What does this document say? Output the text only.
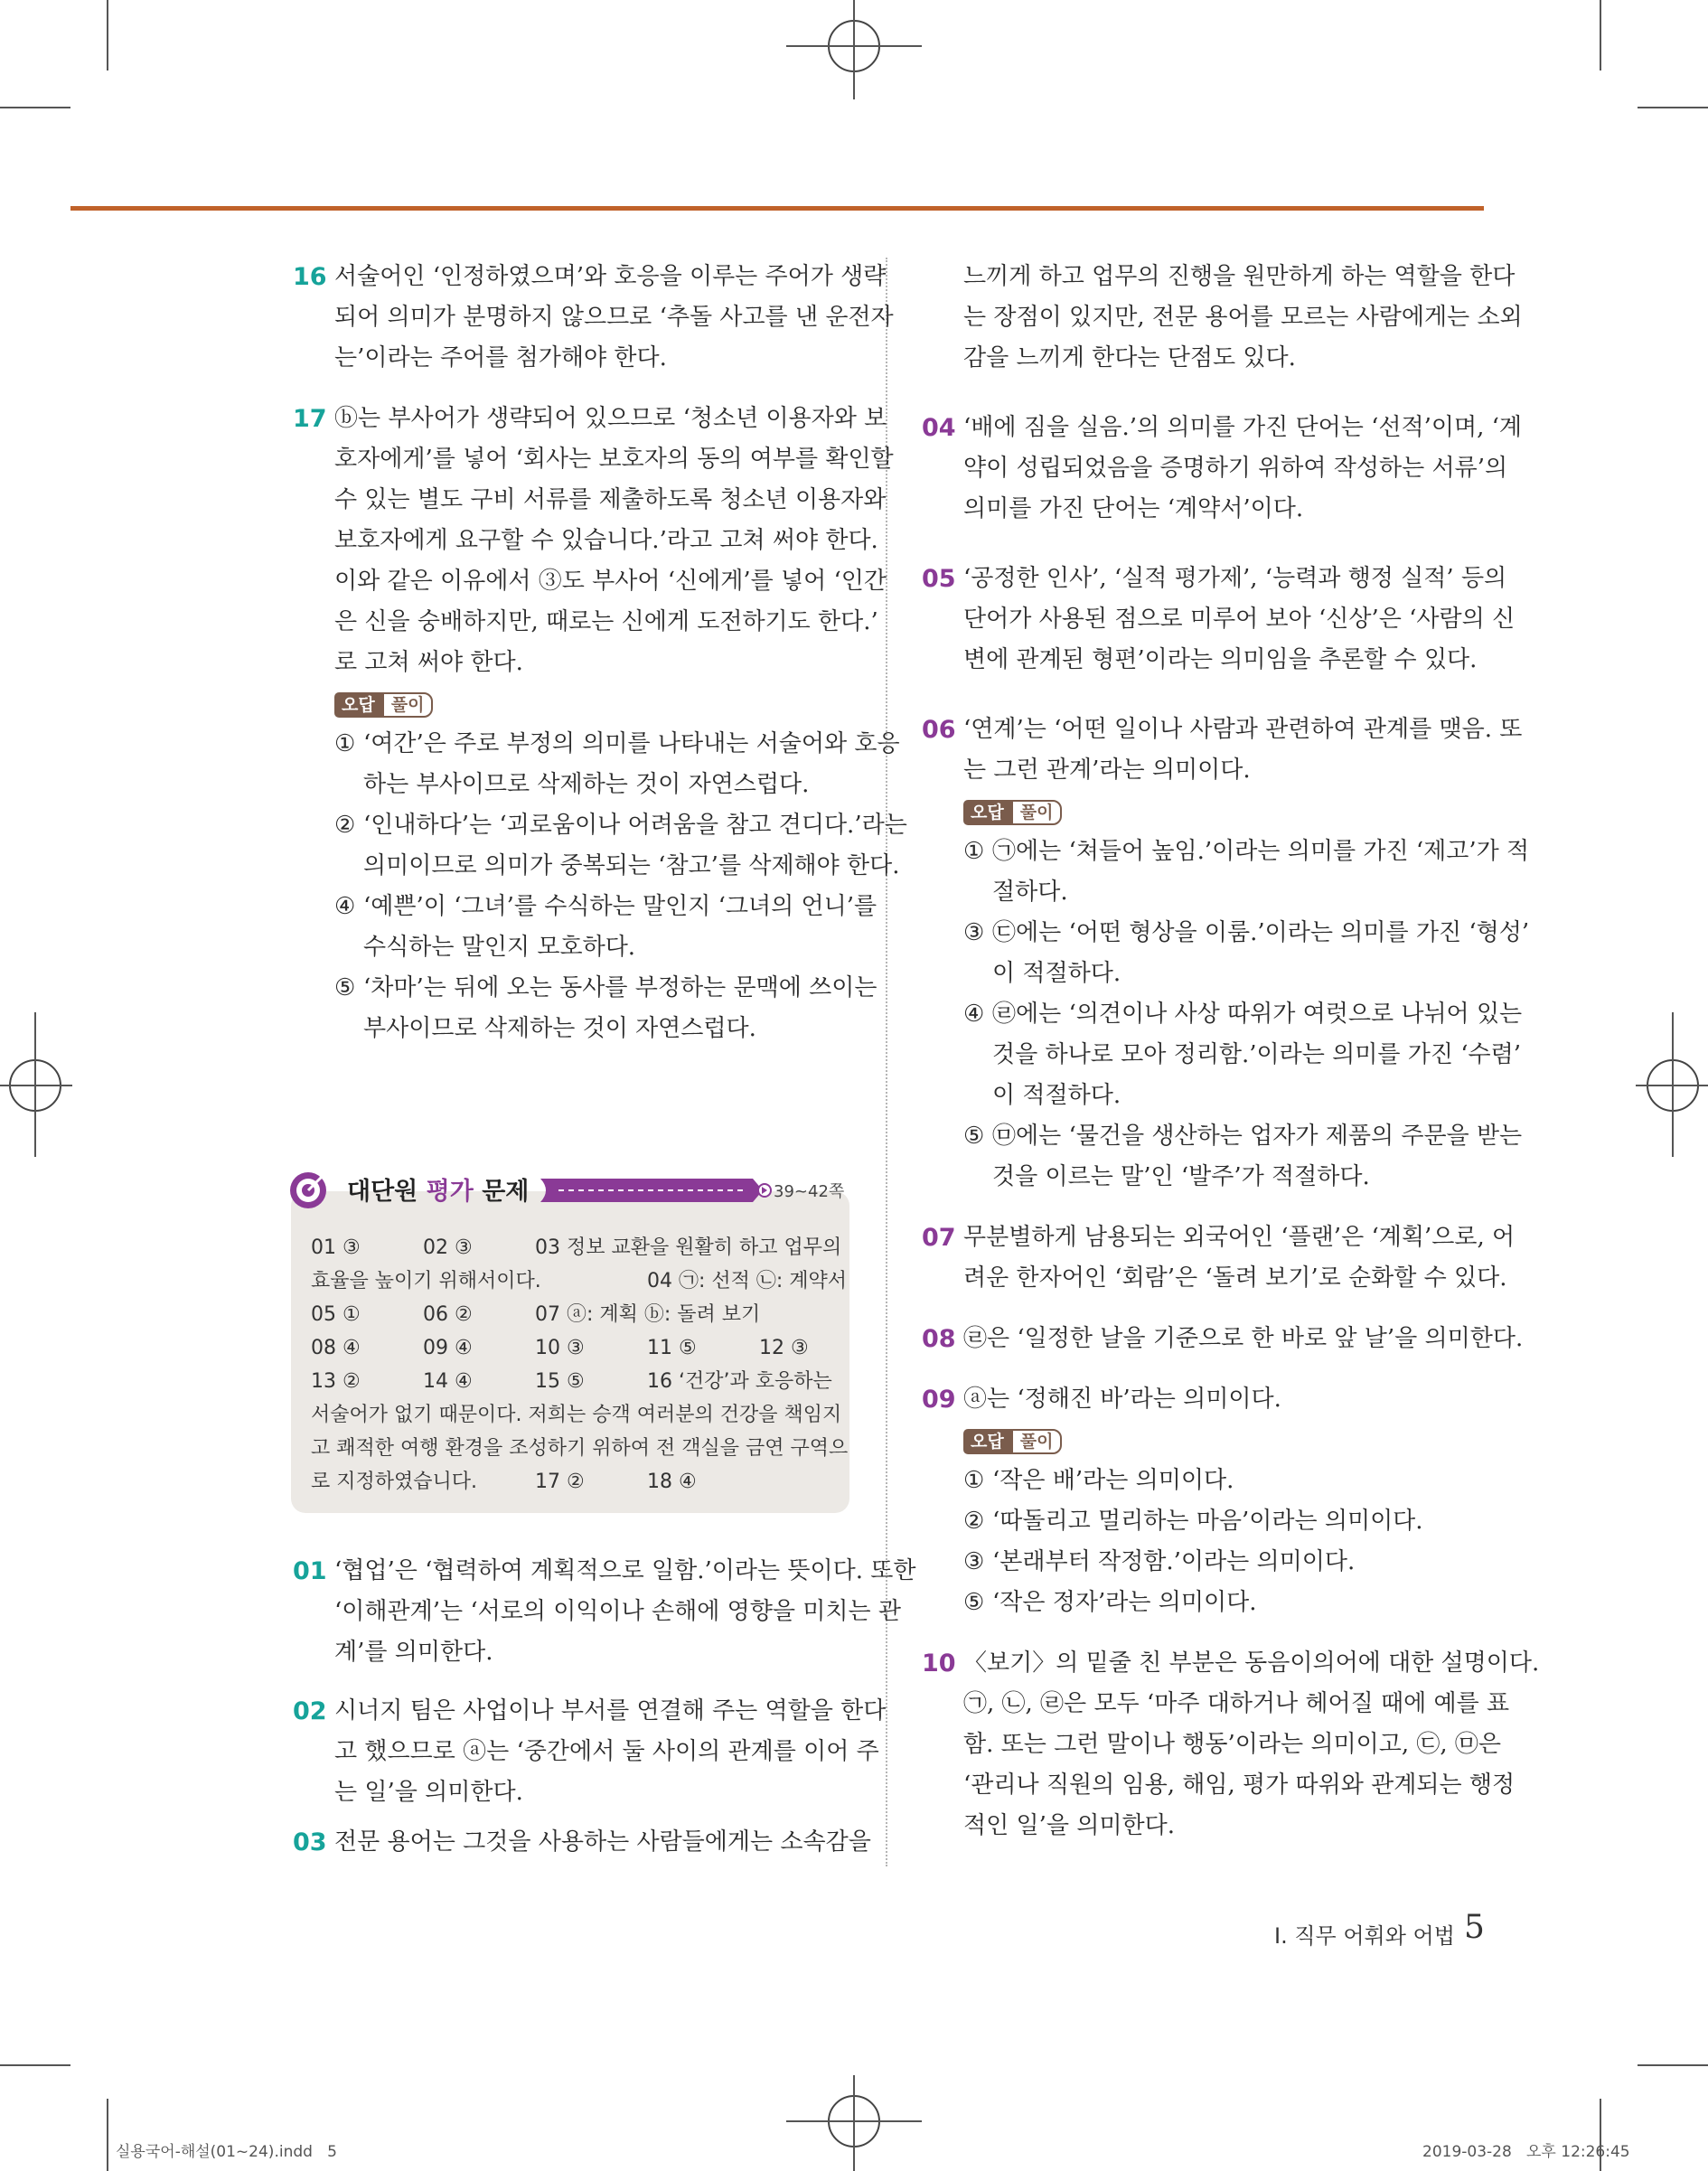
16 서술어인 ‘인정하였으며’와 호응을 이루는 주어가 생략
되어 의미가 분명하지 않으므로 ‘추돌 사고를 낸 운전자
는’이라는 주어를 첨가해야 한다.
17 ⓑ는 부사어가 생략되어 있으므로 ‘청소년 이용자와 보
호자에게’를 넣어 ‘회사는 보호자의 동의 여부를 확인할
수 있는 별도 구비 서류를 제출하도록 청소년 이용자와
보호자에게 요구할 수 있습니다.’라고 고쳐 써야 한다.
이와 같은 이유에서 ③도 부사어 ‘신에게’를 넣어 ‘인간
은 신을 숭배하지만, 때로는 신에게 도전하기도 한다.’
로 고쳐 써야 한다.
오답 풀이
① ‘여간’은 주로 부정의 의미를 나타내는 서술어와 호응
하는 부사이므로 삭제하는 것이 자연스럽다.
② ‘인내하다’는 ‘괴로움이나 어려움을 참고 견디다.’라는
의미이므로 의미가 중복되는 ‘참고’를 삭제해야 한다.
④ ‘예쁜’이 ‘그녀’를 수식하는 말인지 ‘그녀의 언니’를
수식하는 말인지 모호하다.
⑤ ‘차마’는 뒤에 오는 동사를 부정하는 문맥에 쓰이는
부사이므로 삭제하는 것이 자연스럽다.
대단원 평가 문제	39~42쪽
01 ③	02 ③	03 정보 교환을 원활히 하고 업무의
효율을 높이기 위해서이다.	04 ㉠: 선적 ㉡: 계약서
05 ①	06 ②	07 ⓐ: 계획 ⓑ: 돌려 보기
08 ④	09 ④	10 ③	11 ⑤	12 ③
13 ②	14 ④	15 ⑤	16 ‘건강’과 호응하는
서술어가 없기 때문이다. 저희는 승객 여러분의 건강을 책임지
고 쾌적한 여행 환경을 조성하기 위하여 전 객실을 금연 구역으
로 지정하였습니다.	17 ②	18 ④
01 ‘협업’은 ‘협력하여 계획적으로 일함.’이라는 뜻이다. 또한
‘이해관계’는 ‘서로의 이익이나 손해에 영향을 미치는 관
계’를 의미한다.
02 시너지 팀은 사업이나 부서를 연결해 주는 역할을 한다
고 했으므로 ⓐ는 ‘중간에서 둘 사이의 관계를 이어 주
는 일’을 의미한다.
03 전문 용어는 그것을 사용하는 사람들에게는 소속감을
느끼게 하고 업무의 진행을 원만하게 하는 역할을 한다
는 장점이 있지만, 전문 용어를 모르는 사람에게는 소외
감을 느끼게 한다는 단점도 있다.
04 ‘배에 짐을 실음.’의 의미를 가진 단어는 ‘선적’이며, ‘계
약이 성립되었음을 증명하기 위하여 작성하는 서류’의
의미를 가진 단어는 ‘계약서’이다.
05 ‘공정한 인사’, ‘실적 평가제’, ‘능력과 행정 실적’ 등의
단어가 사용된 점으로 미루어 보아 ‘신상’은 ‘사람의 신
변에 관계된 형편’이라는 의미임을 추론할 수 있다.
06 ‘연계’는 ‘어떤 일이나 사람과 관련하여 관계를 맺음. 또
는 그런 관계’라는 의미이다.
오답 풀이
① ㉠에는 ‘쳐들어 높임.’이라는 의미를 가진 ‘제고’가 적
절하다.
③ ㉢에는 ‘어떤 형상을 이룸.’이라는 의미를 가진 ‘형성’
이 적절하다.
④ ㉣에는 ‘의견이나 사상 따위가 여럿으로 나뉘어 있는
것을 하나로 모아 정리함.’이라는 의미를 가진 ‘수렴’
이 적절하다.
⑤ ㉤에는 ‘물건을 생산하는 업자가 제품의 주문을 받는
것을 이르는 말’인 ‘발주’가 적절하다.
07 무분별하게 남용되는 외국어인 ‘플랜’은 ‘계획’으로, 어
려운 한자어인 ‘회람’은 ‘돌려 보기’로 순화할 수 있다.
08 ㉣은 ‘일정한 날을 기준으로 한 바로 앞 날’을 의미한다.
09 ⓐ는 ‘정해진 바’라는 의미이다.
오답 풀이
① ‘작은 배’라는 의미이다.
② ‘따돌리고 멀리하는 마음’이라는 의미이다.
③ ‘본래부터 작정함.’이라는 의미이다.
⑤ ‘작은 정자’라는 의미이다.
10 〈보기〉의 밑줄 친 부분은 동음이의어에 대한 설명이다.
㉠, ㉡, ㉣은 모두 ‘마주 대하거나 헤어질 때에 예를 표
함. 또는 그런 말이나 행동’이라는 의미이고, ㉢, ㉤은
‘관리나 직원의 임용, 해임, 평가 따위와 관계되는 행정
적인 일’을 의미한다.
Ⅰ. 직무 어휘와 어법 5
실용국어-해설(01~24).indd   5	2019-03-28   오후 12:26:45
